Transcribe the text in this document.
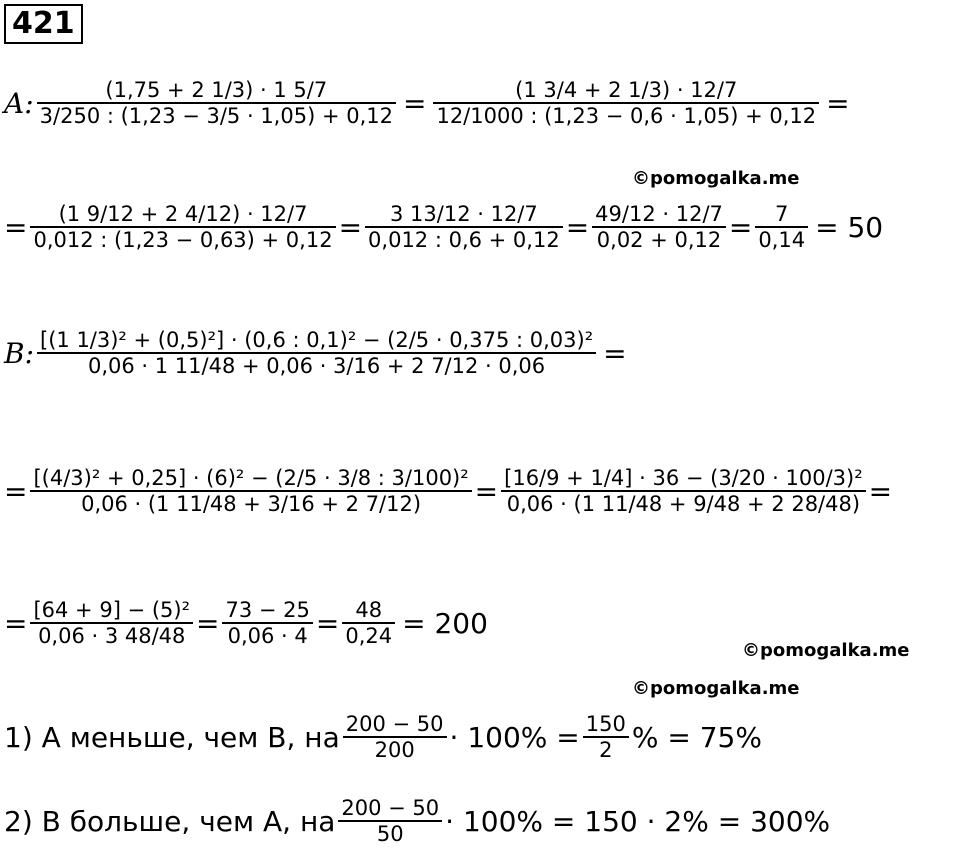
421
A: $\frac{(1,75 + 2 1/3) \cdot 1 5/7}{3/250 : (1,23 - 3/5 \cdot 1,05) + 0,12} = \frac{(1 3/4 + 2 1/3) \cdot 12/7}{12/1000 : (1,23 - 0,6 \cdot 1,05) + 0,12}$ =
©pomogalka.me
= $\frac{(1 9/12 + 2 4/12) \cdot 12/7}{0,012 : (1,23 - 0,63) + 0,12} = \frac{3 13/12 \cdot 12/7}{0,012 : 0,6 + 0,12} = \frac{49/12 \cdot 12/7}{0,02 + 0,12} = \frac{7}{0,14} = 50$
B: $\frac{\text{[(1 1/3)² + (0,5)²] · (0,6 : 0,1)² − (2/5 · 0,375 : 0,03)²}}{0,06 \cdot 1 11/48 + 0,06 \cdot 3/16 + 2 7/12 \cdot 0,06}$ =
= $\frac{\text{[(4/3)² + 0,25] · (6)² − (2/5 · 3/8 : 3/100)²}}{0,06 \cdot (1 11/48 + 3/16 + 2 7/12)} = \frac{\text{[16/9 + 1/4] · 36 − (3/20 · 100/3)²}}{0,06 \cdot (1 11/48 + 9/48 + 2 28/48)}$ =
= $\frac{\text{[64 + 9] − (5)²}}{0,06 \cdot 3 48/48} = \frac{73 - 25}{0,06 \cdot 4} = \frac{48}{0,24} = 200$
©pomogalka.me
©pomogalka.me
1) A меньше, чем B, на $\frac{200 - 50}{200} \cdot 100\% = \frac{150}{2}$ % = 75%
2) B больше, чем A, на $\frac{200 - 50}{50} \cdot 100\% = 150 \cdot 2\% = 300\%$
